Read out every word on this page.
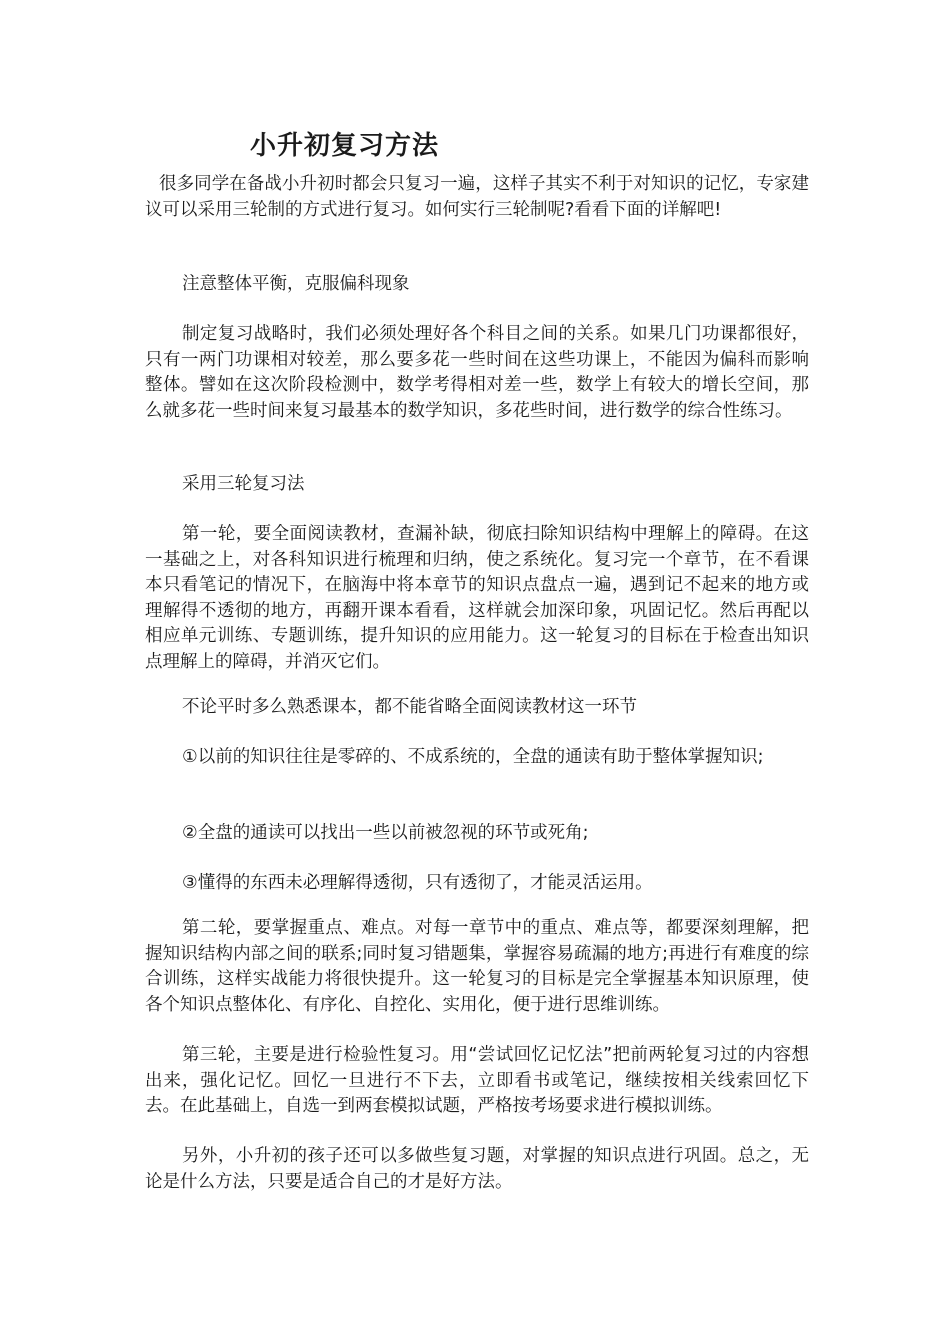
小升初复习方法

很多同学在备战小升初时都会只复习一遍，这样子其实不利于对知识的记忆，专家建议可以采用三轮制的方式进行复习。如何实行三轮制呢?看看下面的详解吧!

注意整体平衡，克服偏科现象

制定复习战略时，我们必须处理好各个科目之间的关系。如果几门功课都很好，只有一两门功课相对较差，那么要多花一些时间在这些功课上，不能因为偏科而影响整体。譬如在这次阶段检测中，数学考得相对差一些，数学上有较大的增长空间，那么就多花一些时间来复习最基本的数学知识，多花些时间，进行数学的综合性练习。

采用三轮复习法

第一轮，要全面阅读教材，查漏补缺，彻底扫除知识结构中理解上的障碍。在这一基础之上，对各科知识进行梳理和归纳，使之系统化。复习完一个章节，在不看课本只看笔记的情况下，在脑海中将本章节的知识点盘点一遍，遇到记不起来的地方或理解得不透彻的地方，再翻开课本看看，这样就会加深印象，巩固记忆。然后再配以相应单元训练、专题训练，提升知识的应用能力。这一轮复习的目标在于检查出知识点理解上的障碍，并消灭它们。

不论平时多么熟悉课本，都不能省略全面阅读教材这一环节

①以前的知识往往是零碎的、不成系统的，全盘的通读有助于整体掌握知识;

②全盘的通读可以找出一些以前被忽视的环节或死角;

③懂得的东西未必理解得透彻，只有透彻了，才能灵活运用。

第二轮，要掌握重点、难点。对每一章节中的重点、难点等，都要深刻理解，把握知识结构内部之间的联系;同时复习错题集，掌握容易疏漏的地方;再进行有难度的综合训练，这样实战能力将很快提升。这一轮复习的目标是完全掌握基本知识原理，使各个知识点整体化、有序化、自控化、实用化，便于进行思维训练。

第三轮，主要是进行检验性复习。用“尝试回忆记忆法”把前两轮复习过的内容想出来，强化记忆。回忆一旦进行不下去，立即看书或笔记，继续按相关线索回忆下去。在此基础上，自选一到两套模拟试题，严格按考场要求进行模拟训练。

另外，小升初的孩子还可以多做些复习题，对掌握的知识点进行巩固。总之，无论是什么方法，只要是适合自己的才是好方法。
